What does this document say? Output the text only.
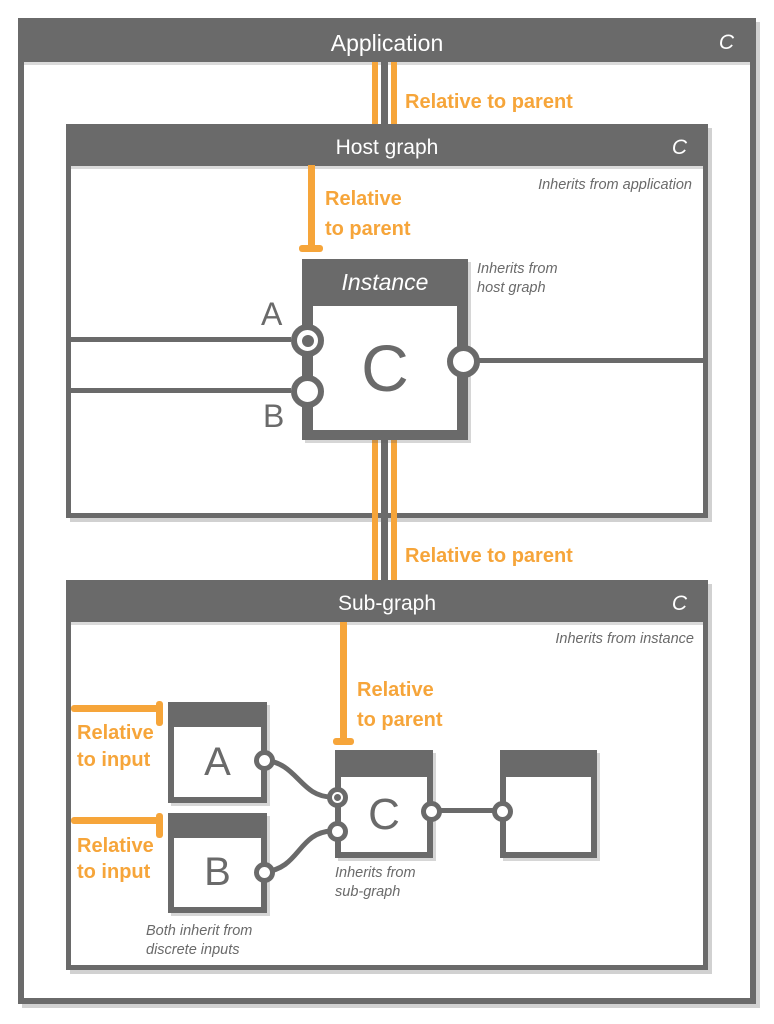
Application	C
Host graph	C
Sub-graph	C
Relative to parent
Relative to parent
Inherits from application
Relative
to parent
Instance
C
A
B
Inherits from
host graph
Inherits from instance
Relative
to parent
Relative
to input
Relative
to input
A
B
C
Inherits from
sub-graph
Both inherit from
discrete inputs
